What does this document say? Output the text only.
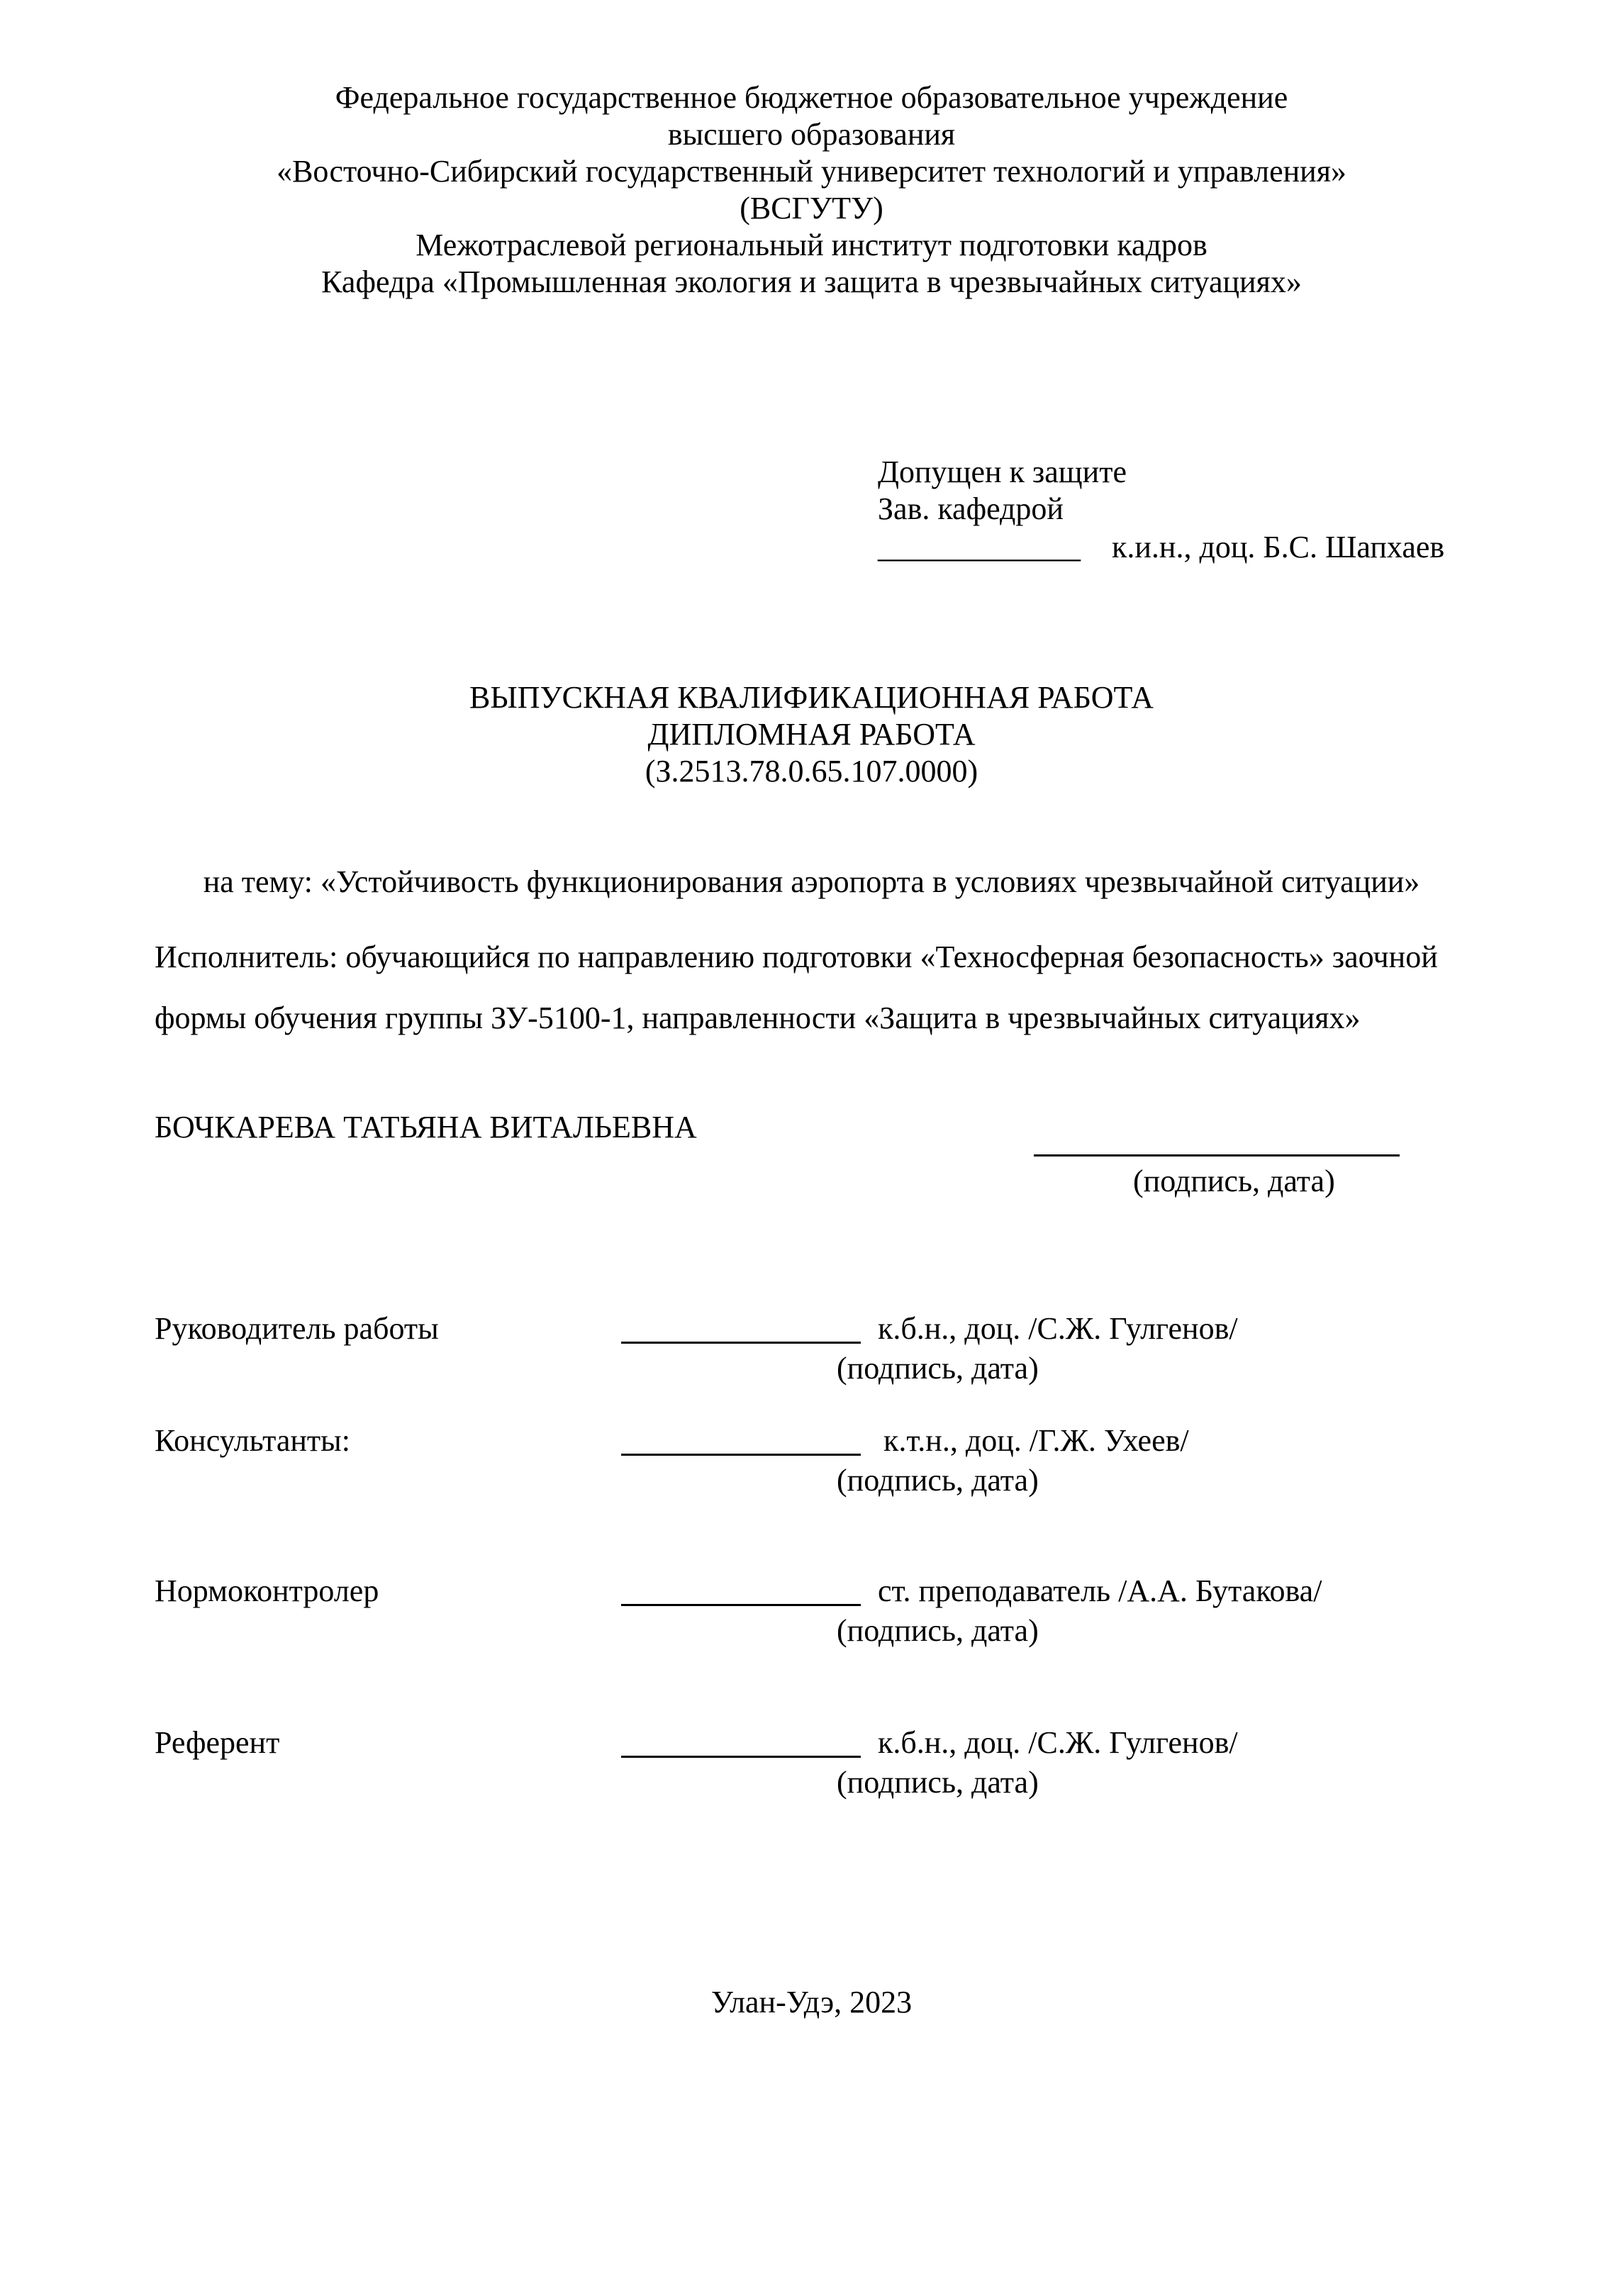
Федеральное государственное бюджетное образовательное учреждение
высшего образования
«Восточно-Сибирский государственный университет технологий и управления»
(ВСГУТУ)
Межотраслевой региональный институт подготовки кадров
Кафедра «Промышленная экология и защита в чрезвычайных ситуациях»
Допущен к защите
Зав. кафедрой
_____________ к.и.н., доц. Б.С. Шапхаев
ВЫПУСКНАЯ КВАЛИФИКАЦИОННАЯ РАБОТА
ДИПЛОМНАЯ РАБОТА
(З.2513.78.0.65.107.0000)
на тему: «Устойчивость функционирования аэропорта в условиях чрезвычайной ситуации»
Исполнитель: обучающийся по направлению подготовки «Техносферная безопасность» заочной
формы обучения группы ЗУ-5100-1, направленности «Защита в чрезвычайных ситуациях»
БОЧКАРЕВА ТАТЬЯНА ВИТАЛЬЕВНА
(подпись, дата)
Руководитель работы	к.б.н., доц. /С.Ж. Гулгенов/
(подпись, дата)
Консультанты:	к.т.н., доц. /Г.Ж. Ухеев/
(подпись, дата)
Нормоконтролер	ст. преподаватель /А.А. Бутакова/
(подпись, дата)
Референт	к.б.н., доц. /С.Ж. Гулгенов/
(подпись, дата)
Улан-Удэ, 2023
